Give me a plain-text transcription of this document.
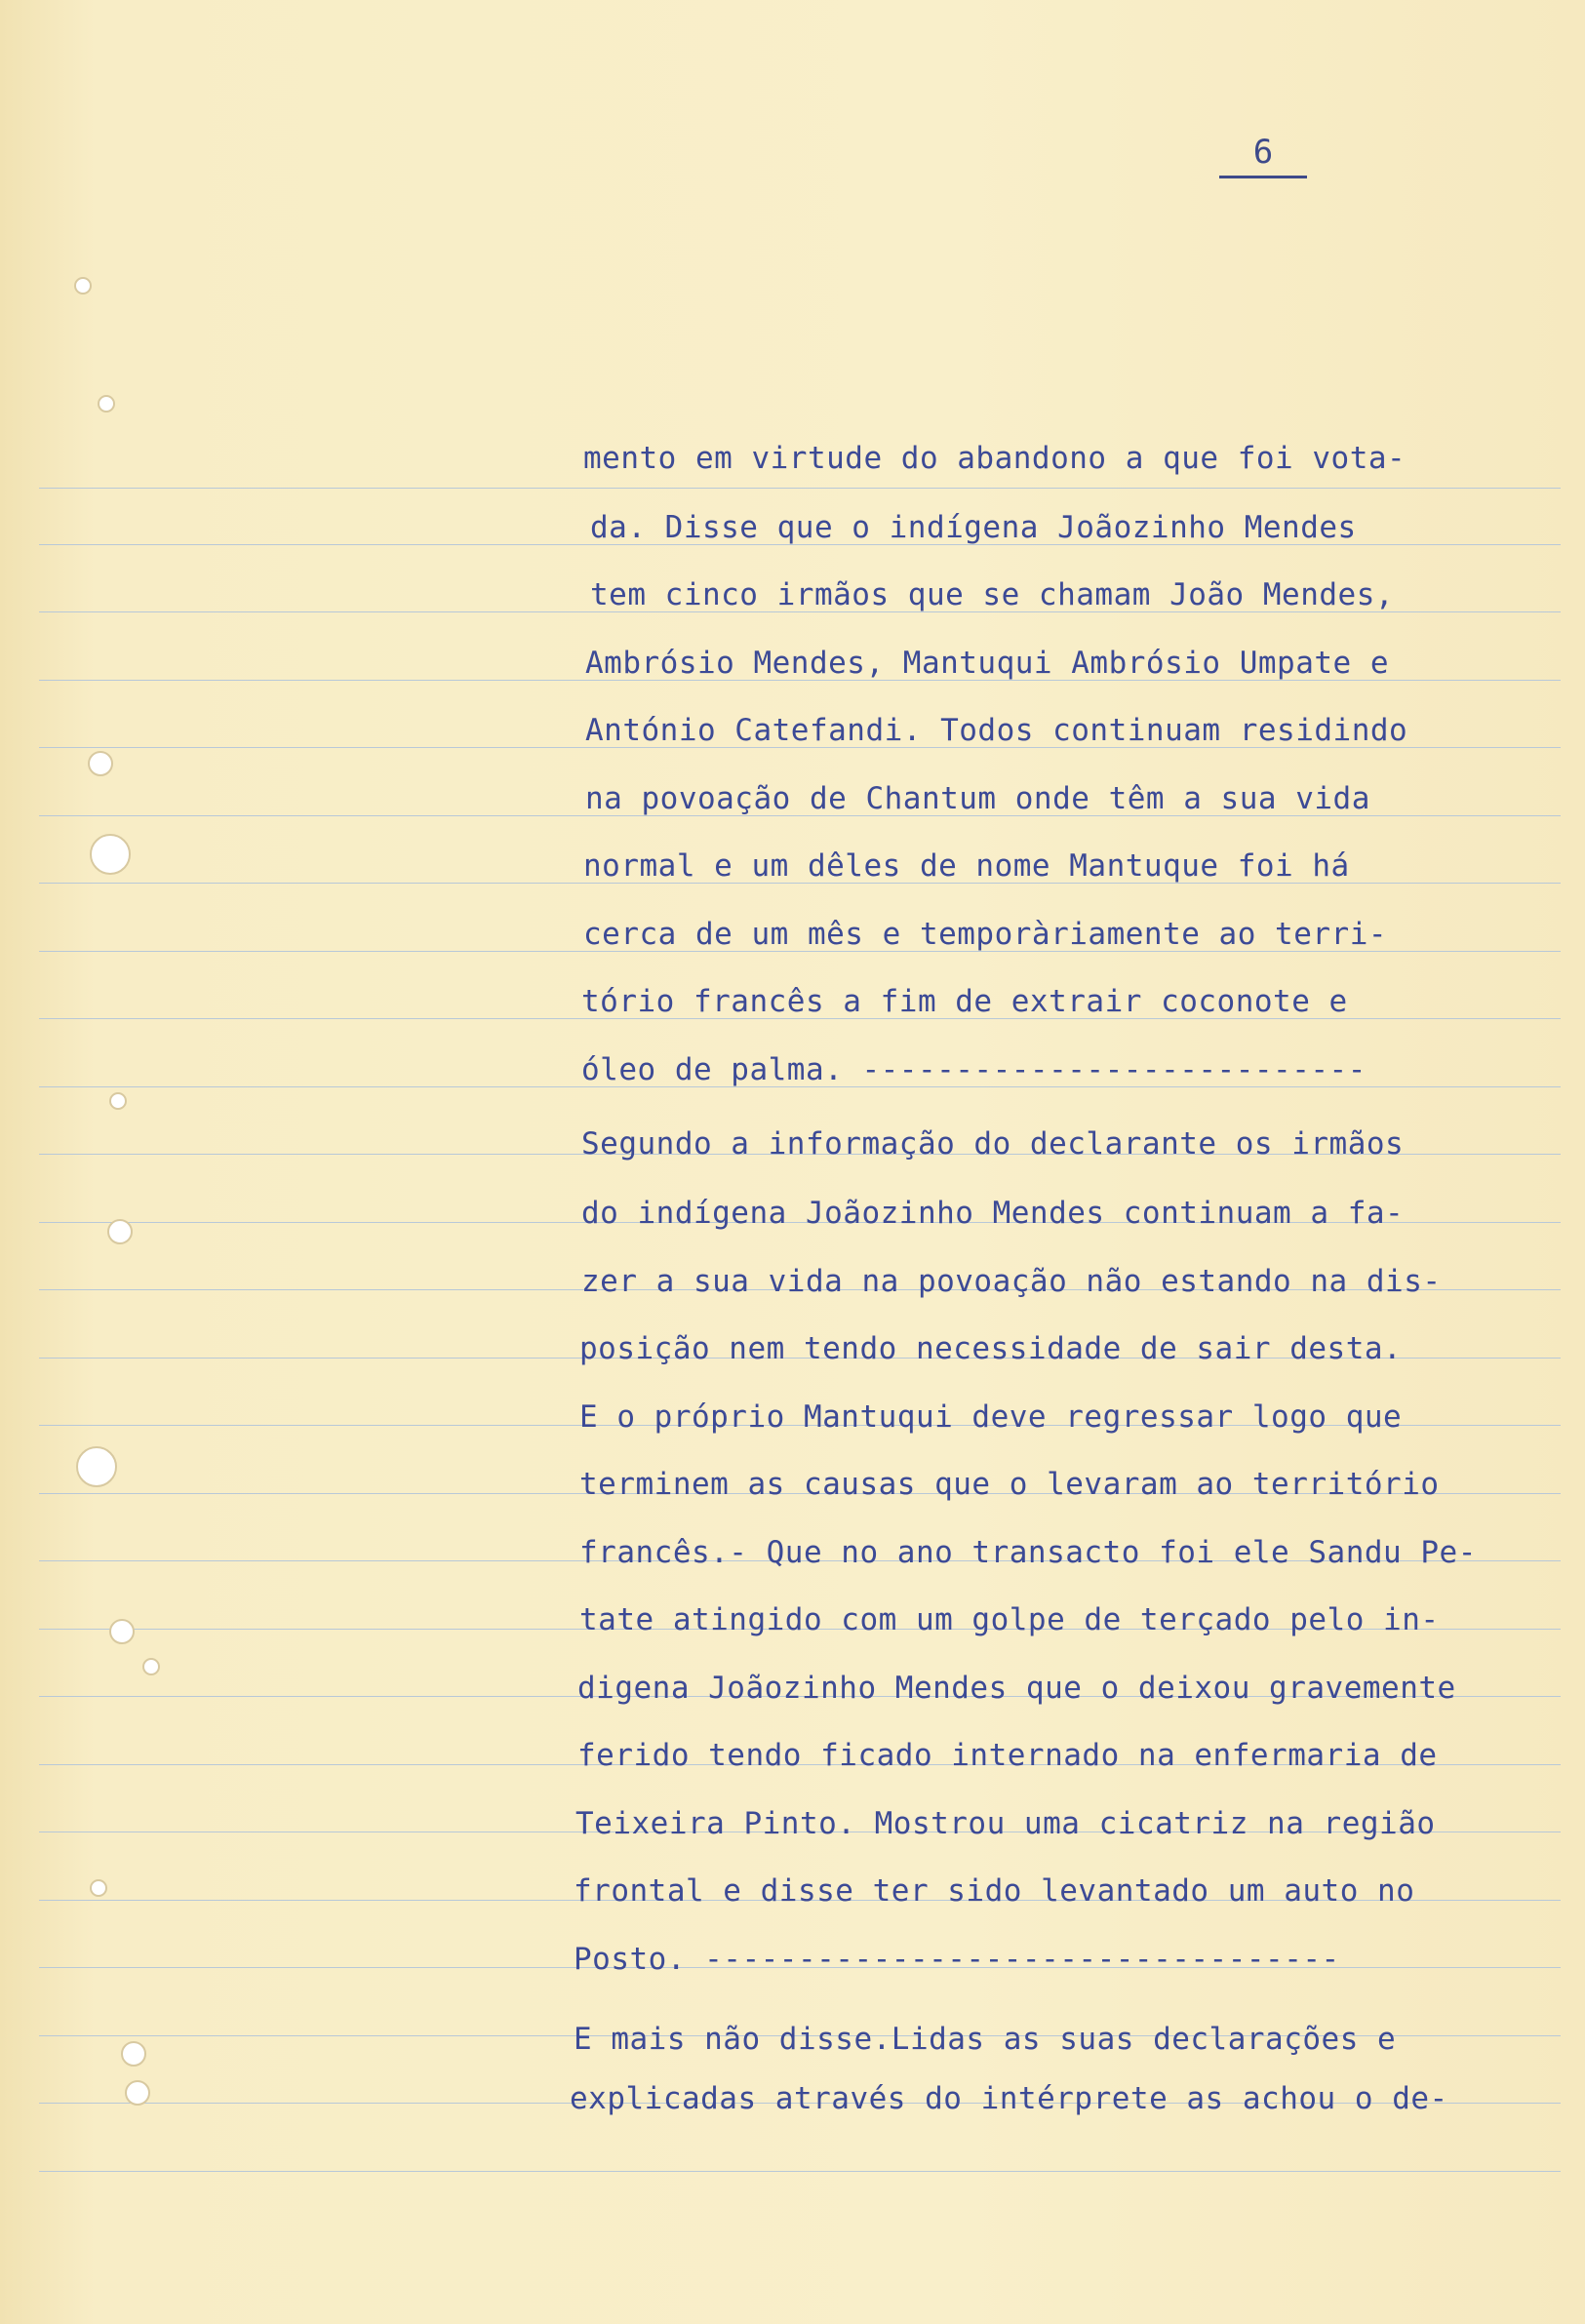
6
mento em virtude do abandono a que foi vota-
da. Disse que o indígena Joãozinho Mendes
tem cinco irmãos que se chamam João Mendes,
Ambrósio Mendes, Mantuqui Ambrósio Umpate e
António Catefandi. Todos continuam residindo
na povoação de Chantum onde têm a sua vida
normal e um dêles de nome Mantuque foi há
cerca de um mês e temporàriamente ao terri-
tório francês a fim de extrair coconote e
óleo de palma. ---------------------------
Segundo a informação do declarante os irmãos
do indígena Joãozinho Mendes continuam a fa-
zer a sua vida na povoação não estando na dis-
posição nem tendo necessidade de sair desta.
E o próprio Mantuqui deve regressar logo que
terminem as causas que o levaram ao território
francês.- Que no ano transacto foi ele Sandu Pe-
tate atingido com um golpe de terçado pelo in-
digena Joãozinho Mendes que o deixou gravemente
ferido tendo ficado internado na enfermaria de
Teixeira Pinto. Mostrou uma cicatriz na região
frontal e disse ter sido levantado um auto no
Posto. ----------------------------------
E mais não disse.Lidas as suas declarações e
explicadas através do intérprete as achou o de-
